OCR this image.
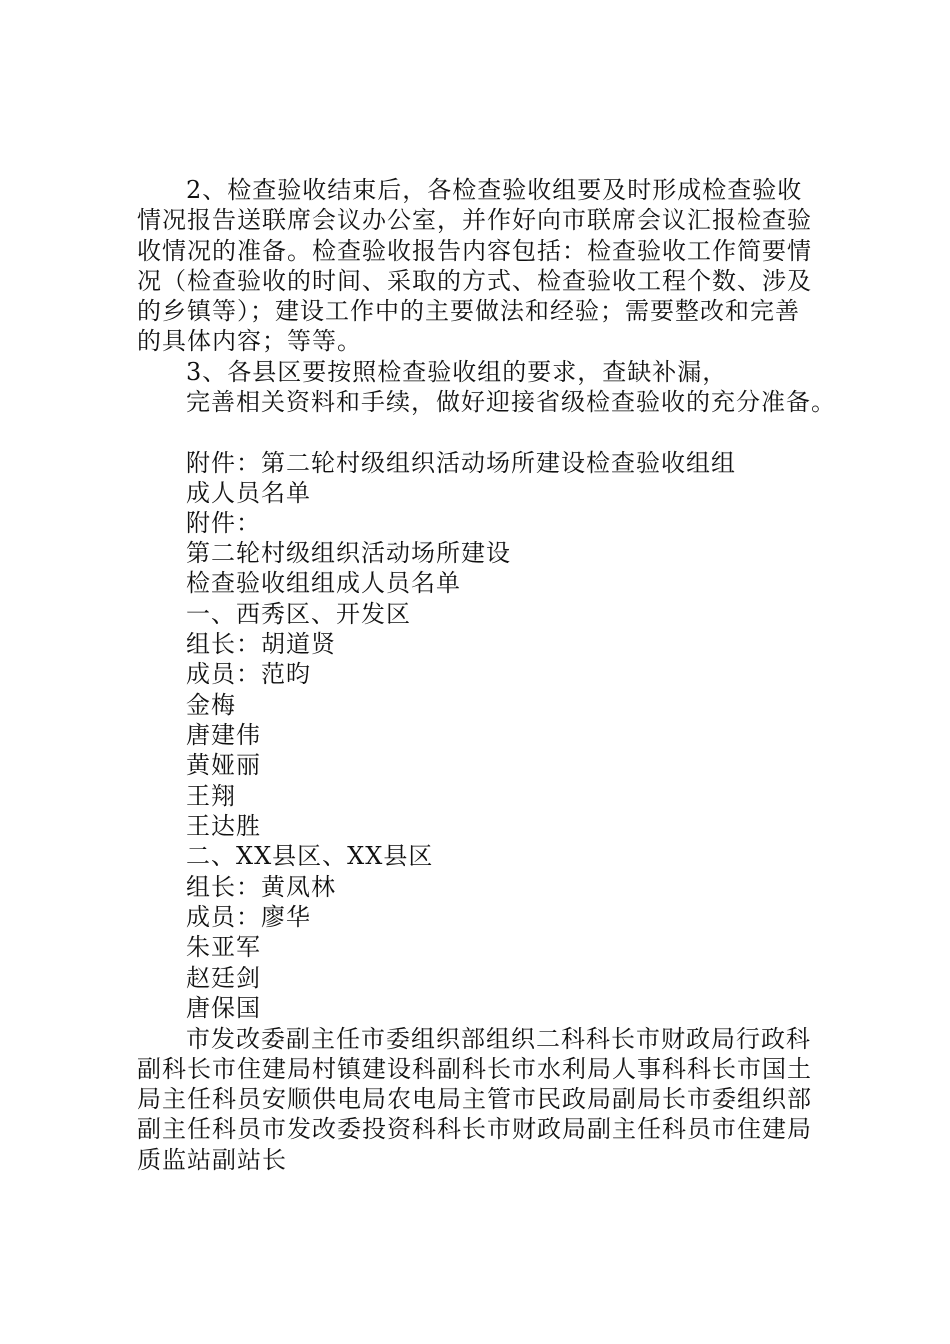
2、检查验收结束后，各检查验收组要及时形成检查验收
情况报告送联席会议办公室，并作好向市联席会议汇报检查验
收情况的准备。检查验收报告内容包括：检查验收工作简要情
况（检查验收的时间、采取的方式、检查验收工程个数、涉及
的乡镇等）；建设工作中的主要做法和经验；需要整改和完善
的具体内容；等等。
3、各县区要按照检查验收组的要求，查缺补漏，
完善相关资料和手续，做好迎接省级检查验收的充分准备。
附件：第二轮村级组织活动场所建设检查验收组组
成人员名单
附件：
第二轮村级组织活动场所建设
检查验收组组成人员名单
一、西秀区、开发区
组长：胡道贤
成员：范昀
金梅
唐建伟
黄娅丽
王翔
王达胜
二、XX县区、XX县区
组长：黄凤林
成员：廖华
朱亚军
赵廷剑
唐保国
市发改委副主任市委组织部组织二科科长市财政局行政科
副科长市住建局村镇建设科副科长市水利局人事科科长市国土
局主任科员安顺供电局农电局主管市民政局副局长市委组织部
副主任科员市发改委投资科科长市财政局副主任科员市住建局
质监站副站长
